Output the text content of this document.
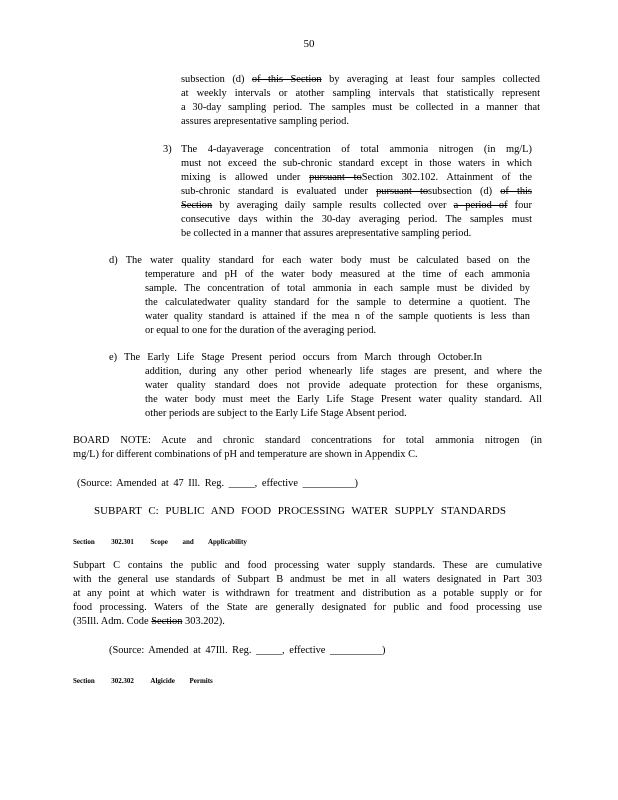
50
subsection (d) of this Section by averaging at least four samples collected
at weekly intervals or atother sampling intervals that statistically represent
a 30-day sampling period. The samples must be collected in a manner that
assures arepresentative sampling period.
3) The 4-dayaverage concentration of total ammonia nitrogen (in mg/L)
must not exceed the sub-chronic standard except in those waters in which
mixing is allowed under pursuant toSection 302.102. Attainment of the
sub-chronic standard is evaluated under pursuant tosubsection (d) of this
Section by averaging daily sample results collected over a period of four
consecutive days within the 30-day averaging period. The samples must
be collected in a manner that assures arepresentative sampling period.
d) The water quality standard for each water body must be calculated based on the
temperature and pH of the water body measured at the time of each ammonia
sample. The concentration of total ammonia in each sample must be divided by
the calculatedwater quality standard for the sample to determine a quotient. The
water quality standard is attained if the mea n of the sample quotients is less than
or equal to one for the duration of the averaging period.
e) The Early Life Stage Present period occurs from March through October.In
addition, during any other period whenearly life stages are present, and where the
water quality standard does not provide adequate protection for these organisms,
the water body must meet the Early Life Stage Present water quality standard. All
other periods are subject to the Early Life Stage Absent period.
BOARD NOTE: Acute and chronic standard concentrations for total ammonia nitrogen (in
mg/L) for different combinations of pH and temperature are shown in Appendix C.
(Source: Amended at 47 Ill. Reg. _____, effective __________)
SUBPART C: PUBLIC AND FOOD PROCESSING WATER SUPPLY STANDARDS
Section 302.301 Scope and Applicability
Subpart C contains the public and food processing water supply standards. These are cumulative
with the general use standards of Subpart B andmust be met in all waters designated in Part 303
at any point at which water is withdrawn for treatment and distribution as a potable supply or for
food processing. Waters of the State are generally designated for public and food processing use
(35Ill. Adm. Code Section 303.202).
(Source: Amended at 47Ill. Reg. _____, effective __________)
Section 302.302 Algicide Permits
